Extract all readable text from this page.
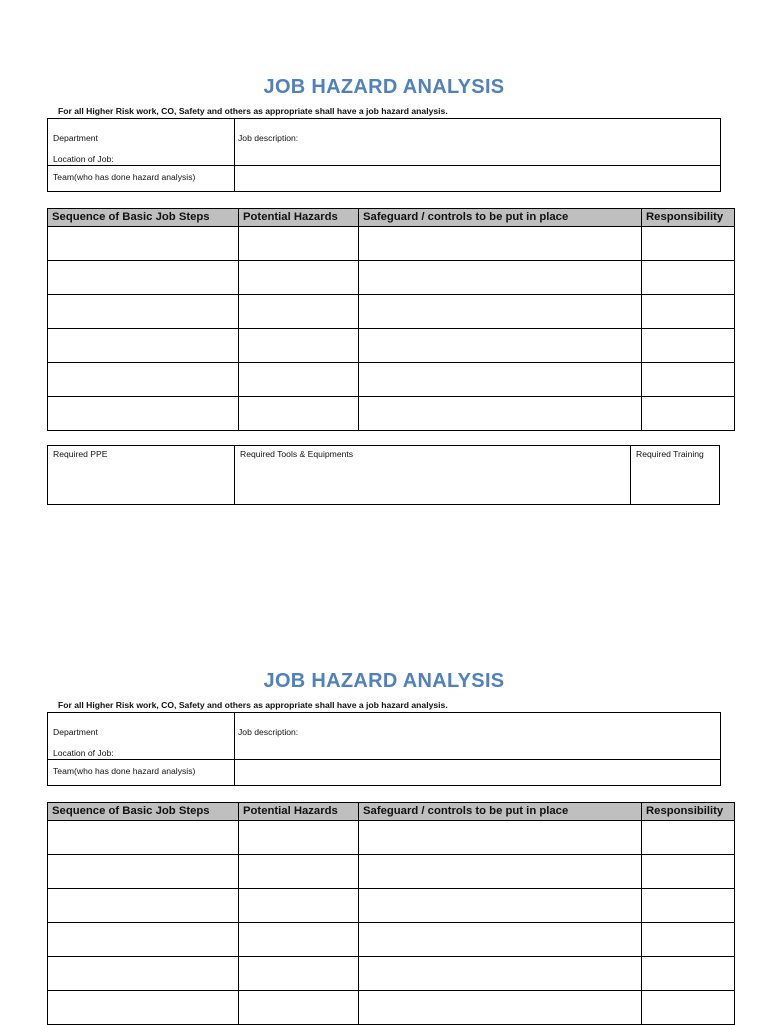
JOB HAZARD ANALYSIS
For all Higher Risk work, CO, Safety and others as appropriate shall have a job hazard analysis.
Department
Location of Job:	Job description:

Team(who has done hazard analysis)	

Sequence of Basic Job Steps	Potential Hazards	Safeguard / controls to be put in place	Responsibility

Required PPE	Required Tools & Equipments	Required Training
JOB HAZARD ANALYSIS
For all Higher Risk work, CO, Safety and others as appropriate shall have a job hazard analysis.
Department
Location of Job:	Job description:

Team(who has done hazard analysis)	

Sequence of Basic Job Steps	Potential Hazards	Safeguard / controls to be put in place	Responsibility
